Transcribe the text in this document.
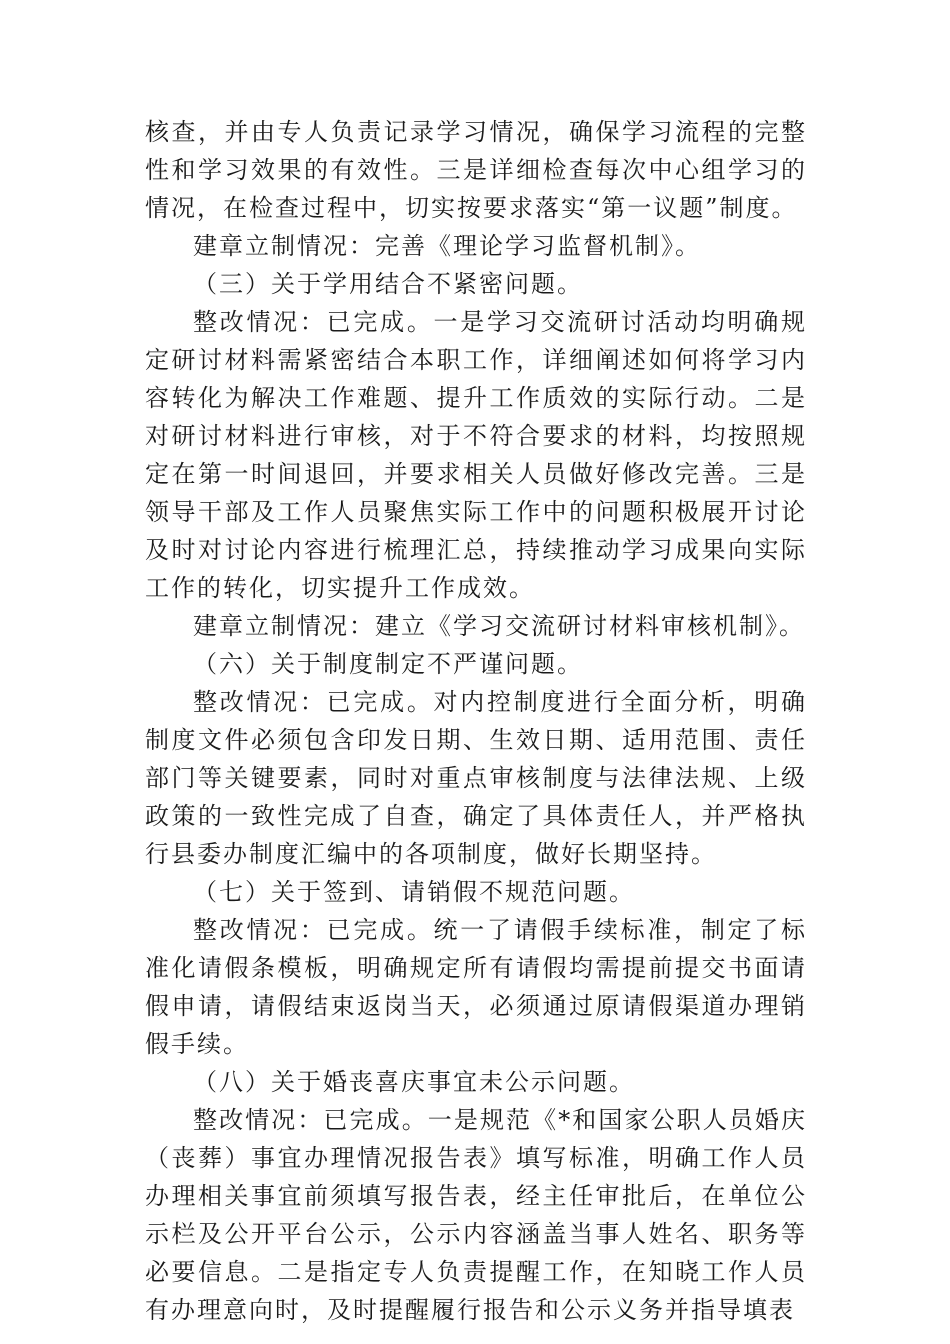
核查，并由专人负责记录学习情况，确保学习流程的完整性和学习效果的有效性。三是详细检查每次中心组学习的情况，在检查过程中，切实按要求落实“第一议题”制度。

建章立制情况：完善《理论学习监督机制》。

（三）关于学用结合不紧密问题。

整改情况：已完成。一是学习交流研讨活动均明确规定研讨材料需紧密结合本职工作，详细阐述如何将学习内容转化为解决工作难题、提升工作质效的实际行动。二是对研讨材料进行审核，对于不符合要求的材料，均按照规定在第一时间退回，并要求相关人员做好修改完善。三是领导干部及工作人员聚焦实际工作中的问题积极展开讨论及时对讨论内容进行梳理汇总，持续推动学习成果向实际工作的转化，切实提升工作成效。

建章立制情况：建立《学习交流研讨材料审核机制》。

（六）关于制度制定不严谨问题。

整改情况：已完成。对内控制度进行全面分析，明确制度文件必须包含印发日期、生效日期、适用范围、责任部门等关键要素，同时对重点审核制度与法律法规、上级政策的一致性完成了自查，确定了具体责任人，并严格执行县委办制度汇编中的各项制度，做好长期坚持。

（七）关于签到、请销假不规范问题。

整改情况：已完成。统一了请假手续标准，制定了标准化请假条模板，明确规定所有请假均需提前提交书面请假申请，请假结束返岗当天，必须通过原请假渠道办理销假手续。

（八）关于婚丧喜庆事宜未公示问题。

整改情况：已完成。一是规范《*和国家公职人员婚庆（丧葬）事宜办理情况报告表》填写标准，明确工作人员办理相关事宜前须填写报告表，经主任审批后，在单位公示栏及公开平台公示，公示内容涵盖当事人姓名、职务等必要信息。二是指定专人负责提醒工作，在知晓工作人员有办理意向时，及时提醒履行报告和公示义务并指导填表
